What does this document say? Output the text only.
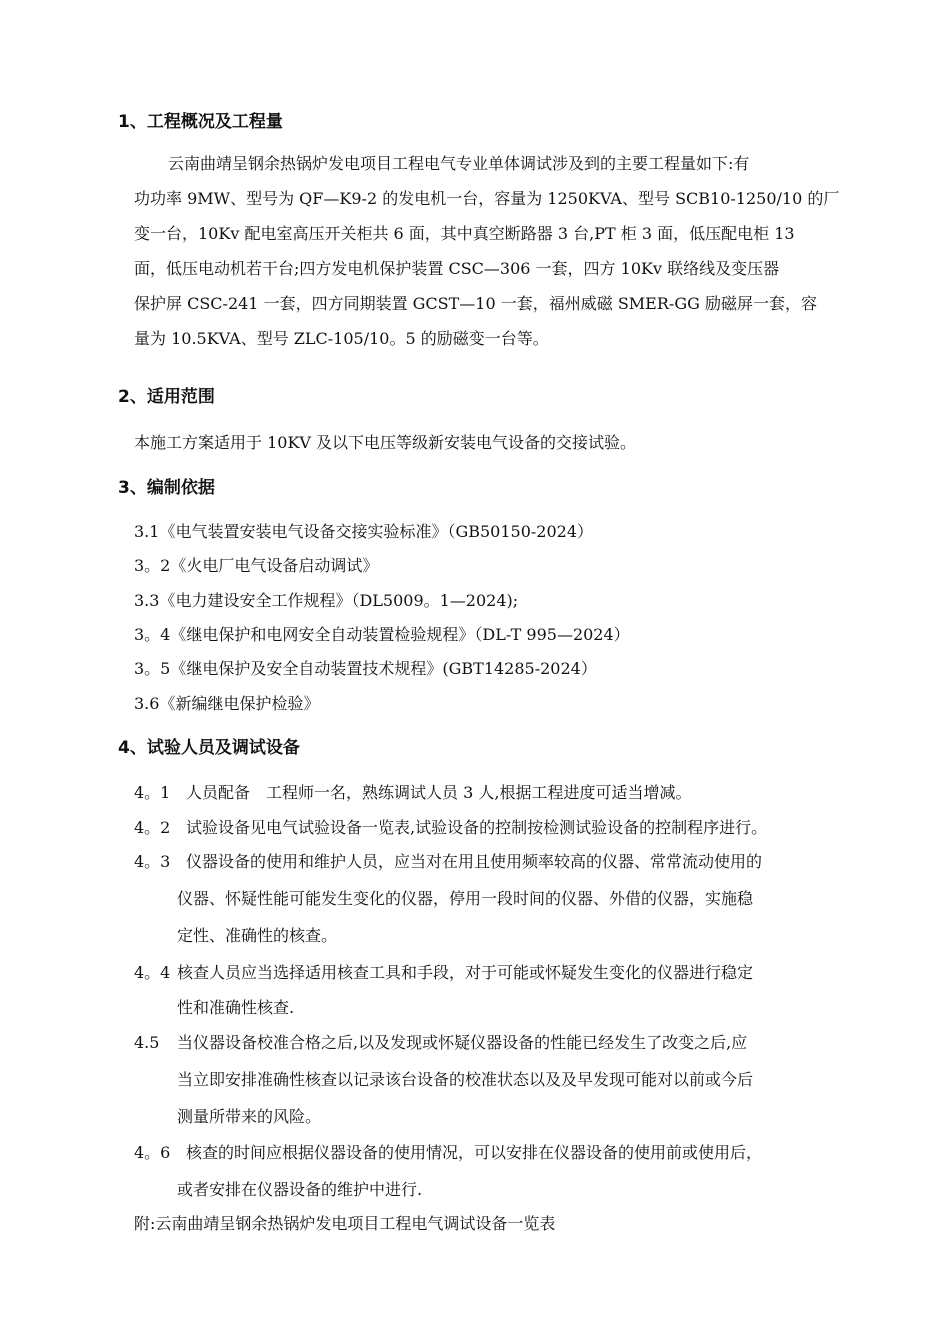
1、工程概况及工程量
云南曲靖呈钢余热锅炉发电项目工程电气专业单体调试涉及到的主要工程量如下:有
功功率 9MW、型号为 QF—K9-2 的发电机一台，容量为 1250KVA、型号 SCB10-1250/10 的厂
变一台，10Kv 配电室高压开关柜共 6 面，其中真空断路器 3 台,PT 柜 3 面，低压配电柜 13
面，低压电动机若干台;四方发电机保护装置 CSC—306 一套，四方 10Kv 联络线及变压器
保护屏 CSC-241 一套，四方同期装置 GCST—10 一套，福州威磁 SMER-GG 励磁屏一套，容
量为 10.5KVA、型号 ZLC-105/10。5 的励磁变一台等。
2、适用范围
本施工方案适用于 10KV 及以下电压等级新安装电气设备的交接试验。
3、编制依据
3.1《电气装置安装电气设备交接实验标准》（GB50150-2024）
3。2《火电厂电气设备启动调试》
3.3《电力建设安全工作规程》（DL5009。1—2024);
3。4《继电保护和电网安全自动装置检验规程》（DL-T 995—2024）
3。5《继电保护及安全自动装置技术规程》(GBT14285-2024）
3.6《新编继电保护检验》
4、试验人员及调试设备
4。1 人员配备　工程师一名，熟练调试人员 3 人,根据工程进度可适当增减。
4。2 试验设备见电气试验设备一览表,试验设备的控制按检测试验设备的控制程序进行。
4。3 仪器设备的使用和维护人员，应当对在用且使用频率较高的仪器、常常流动使用的
仪器、怀疑性能可能发生变化的仪器，停用一段时间的仪器、外借的仪器，实施稳
定性、准确性的核查。
4。4 核查人员应当选择适用核查工具和手段，对于可能或怀疑发生变化的仪器进行稳定
性和准确性核查.
4.5 当仪器设备校准合格之后,以及发现或怀疑仪器设备的性能已经发生了改变之后,应
当立即安排准确性核查以记录该台设备的校准状态以及及早发现可能对以前或今后
测量所带来的风险。
4。6 核查的时间应根据仪器设备的使用情况，可以安排在仪器设备的使用前或使用后，
或者安排在仪器设备的维护中进行.
附:云南曲靖呈钢余热锅炉发电项目工程电气调试设备一览表
